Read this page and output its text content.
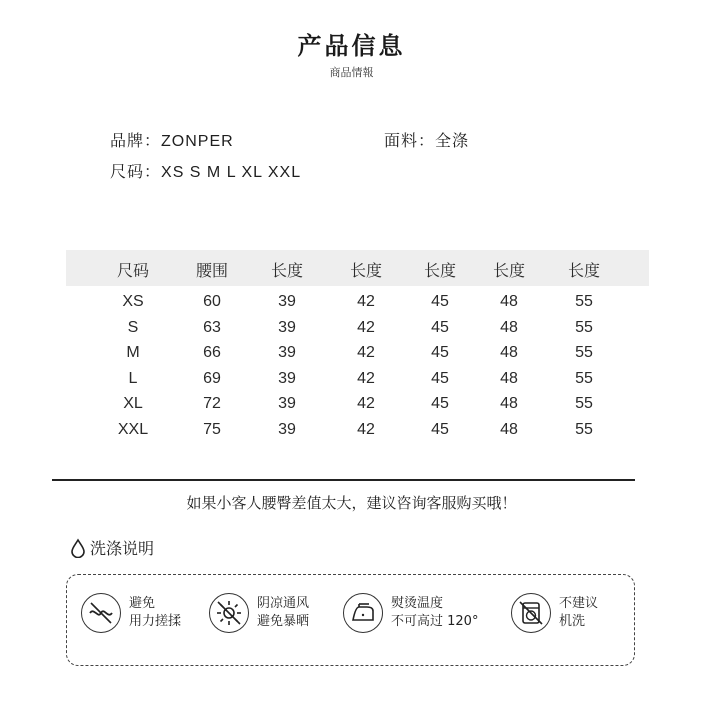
产品信息
商品情報
品牌：ZONPER	面料：全涤
尺码：XS S M L XL XXL
尺码	腰围	长度	长度	长度	长度	长度
XS	60	39	42	45	48	55
S	63	39	42	45	48	55
M	66	39	42	45	48	55
L	69	39	42	45	48	55
XL	72	39	42	45	48	55
XXL	75	39	42	45	48	55
如果小客人腰臀差值太大，建议咨询客服购买哦！
洗涤说明
避免
用力搓揉
阴凉通风
避免暴晒
熨烫温度
不可高过 120°
不建议
机洗
